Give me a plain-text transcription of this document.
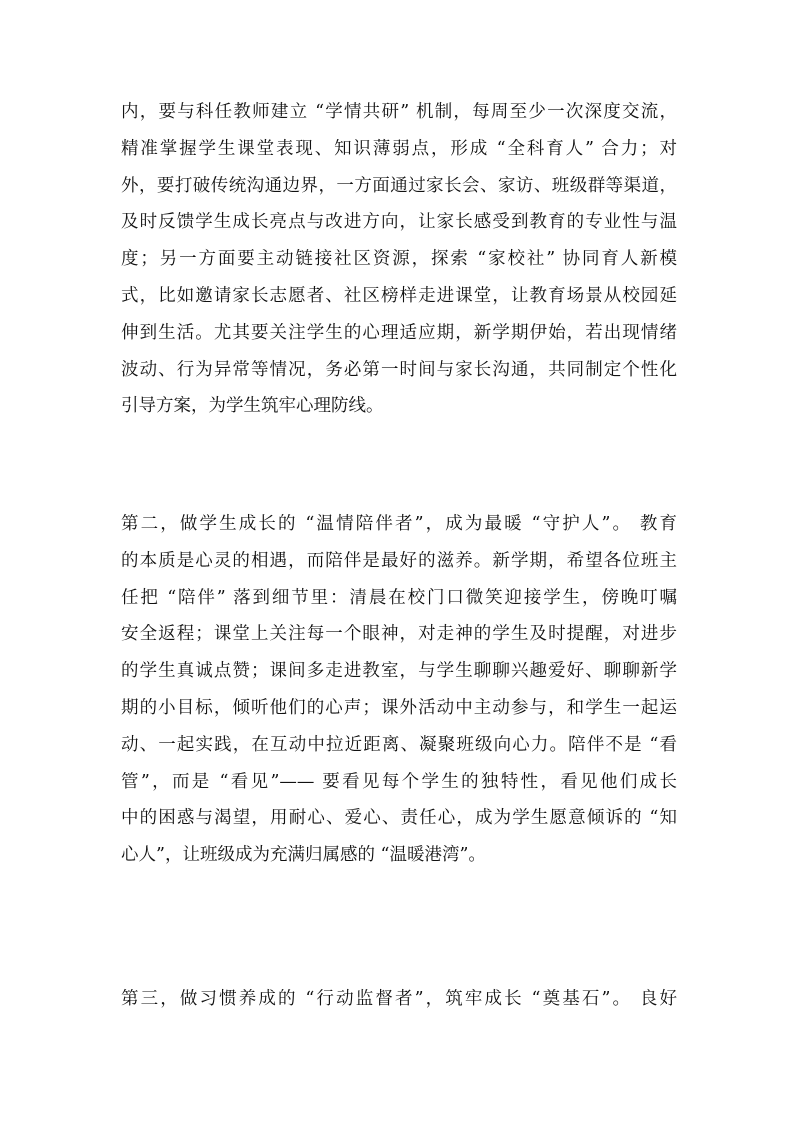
内，要与科任教师建立 “学情共研” 机制，每周至少一次深度交流，
精准掌握学生课堂表现、知识薄弱点，形成 “全科育人” 合力；对
外，要打破传统沟通边界，一方面通过家长会、家访、班级群等渠道，
及时反馈学生成长亮点与改进方向，让家长感受到教育的专业性与温
度；另一方面要主动链接社区资源，探索 “家校社” 协同育人新模
式，比如邀请家长志愿者、社区榜样走进课堂，让教育场景从校园延
伸到生活。尤其要关注学生的心理适应期，新学期伊始，若出现情绪
波动、行为异常等情况，务必第一时间与家长沟通，共同制定个性化
引导方案，为学生筑牢心理防线。
第二，做学生成长的 “温情陪伴者”，成为最暖 “守护人”。 教育
的本质是心灵的相遇，而陪伴是最好的滋养。新学期，希望各位班主
任把 “陪伴” 落到细节里：清晨在校门口微笑迎接学生，傍晚叮嘱
安全返程；课堂上关注每一个眼神，对走神的学生及时提醒，对进步
的学生真诚点赞；课间多走进教室，与学生聊聊兴趣爱好、聊聊新学
期的小目标，倾听他们的心声；课外活动中主动参与，和学生一起运
动、一起实践，在互动中拉近距离、凝聚班级向心力。陪伴不是 “看
管”，而是 “看见”—— 要看见每个学生的独特性，看见他们成长
中的困惑与渴望，用耐心、爱心、责任心，成为学生愿意倾诉的 “知
心人”，让班级成为充满归属感的 “温暖港湾”。
第三，做习惯养成的 “行动监督者”，筑牢成长 “奠基石”。 良好
